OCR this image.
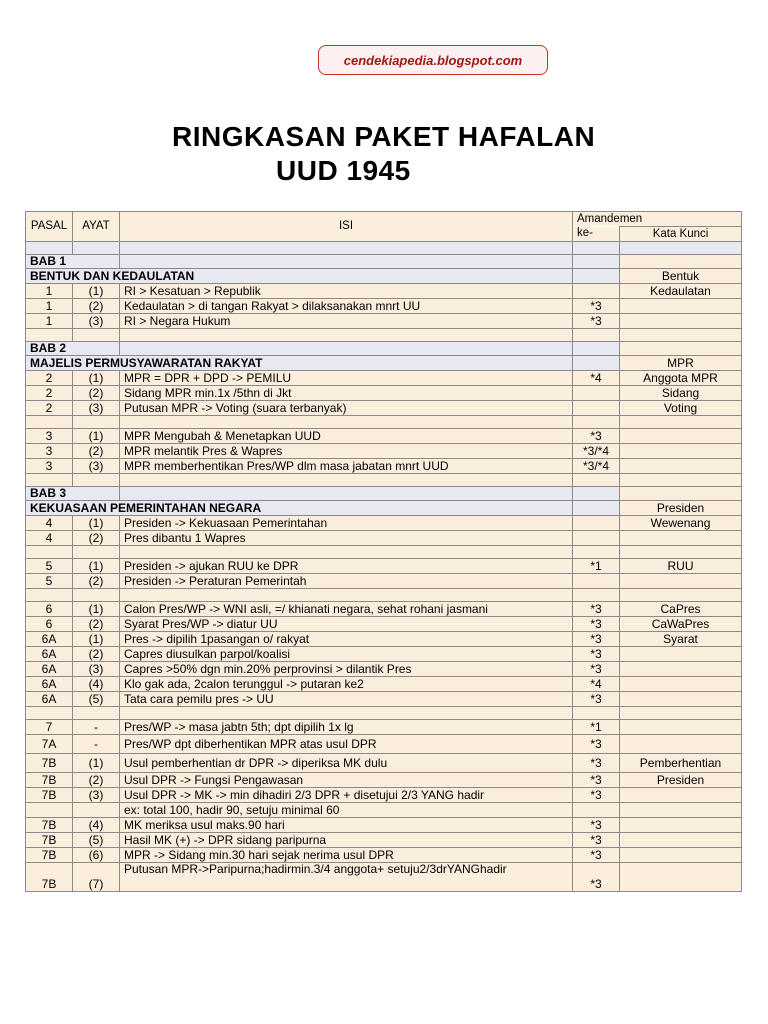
cendekiapedia.blogspot.com
RINGKASAN PAKET HAFALAN
UUD 1945
PASAL	AYAT	ISI	Amandemen	
			ke-	Kata Kunci

BAB 1				
BENTUK DAN KEDAULATAN				Bentuk
1	(1)	RI > Kesatuan > Republik		Kedaulatan
1	(2)	Kedaulatan > di tangan Rakyat > dilaksanakan mnrt UU	*3	
1	(3)	RI > Negara Hukum	*3	

BAB 2				
MAJELIS PERMUSYAWARATAN RAKYAT				MPR
2	(1)	MPR = DPR + DPD -> PEMILU	*4	Anggota MPR
2	(2)	Sidang MPR min.1x /5thn di Jkt		Sidang
2	(3)	Putusan MPR -> Voting (suara terbanyak)		Voting

3	(1)	MPR Mengubah & Menetapkan UUD	*3	
3	(2)	MPR melantik Pres & Wapres	*3/*4	
3	(3)	MPR memberhentikan Pres/WP dlm masa jabatan mnrt UUD	*3/*4	

BAB 3				
KEKUASAAN PEMERINTAHAN NEGARA				Presiden
4	(1)	Presiden -> Kekuasaan Pemerintahan		Wewenang
4	(2)	Pres dibantu 1 Wapres		

5	(1)	Presiden -> ajukan RUU ke DPR	*1	RUU
5	(2)	Presiden -> Peraturan Pemerintah		

6	(1)	Calon Pres/WP -> WNI asli, =/ khianati negara, sehat rohani jasmani	*3	CaPres
6	(2)	Syarat Pres/WP -> diatur UU	*3	CaWaPres
6A	(1)	Pres -> dipilih 1pasangan o/ rakyat	*3	Syarat
6A	(2)	Capres diusulkan parpol/koalisi	*3	
6A	(3)	Capres >50% dgn min.20% perprovinsi > dilantik Pres	*3	
6A	(4)	Klo gak ada, 2calon terunggul -> putaran ke2	*4	
6A	(5)	Tata cara pemilu pres -> UU	*3	

7	-	Pres/WP -> masa jabtn 5th; dpt dipilih 1x lg	*1	
7A	-	Pres/WP dpt diberhentikan MPR atas usul DPR	*3	
7B	(1)	Usul pemberhentian dr DPR -> diperiksa MK dulu	*3	Pemberhentian
7B	(2)	Usul DPR -> Fungsi Pengawasan	*3	Presiden
7B	(3)	Usul DPR -> MK -> min dihadiri 2/3 DPR + disetujui 2/3 YANG hadir	*3	
		ex: total 100, hadir 90, setuju minimal 60		
7B	(4)	MK meriksa usul maks.90 hari	*3	
7B	(5)	Hasil MK (+) -> DPR sidang paripurna	*3	
7B	(6)	MPR -> Sidang min.30 hari sejak nerima usul DPR	*3	
7B	(7)	Putusan MPR->Paripurna;hadirmin.3/4 anggota+ setuju2/3drYANGhadir	*3	
